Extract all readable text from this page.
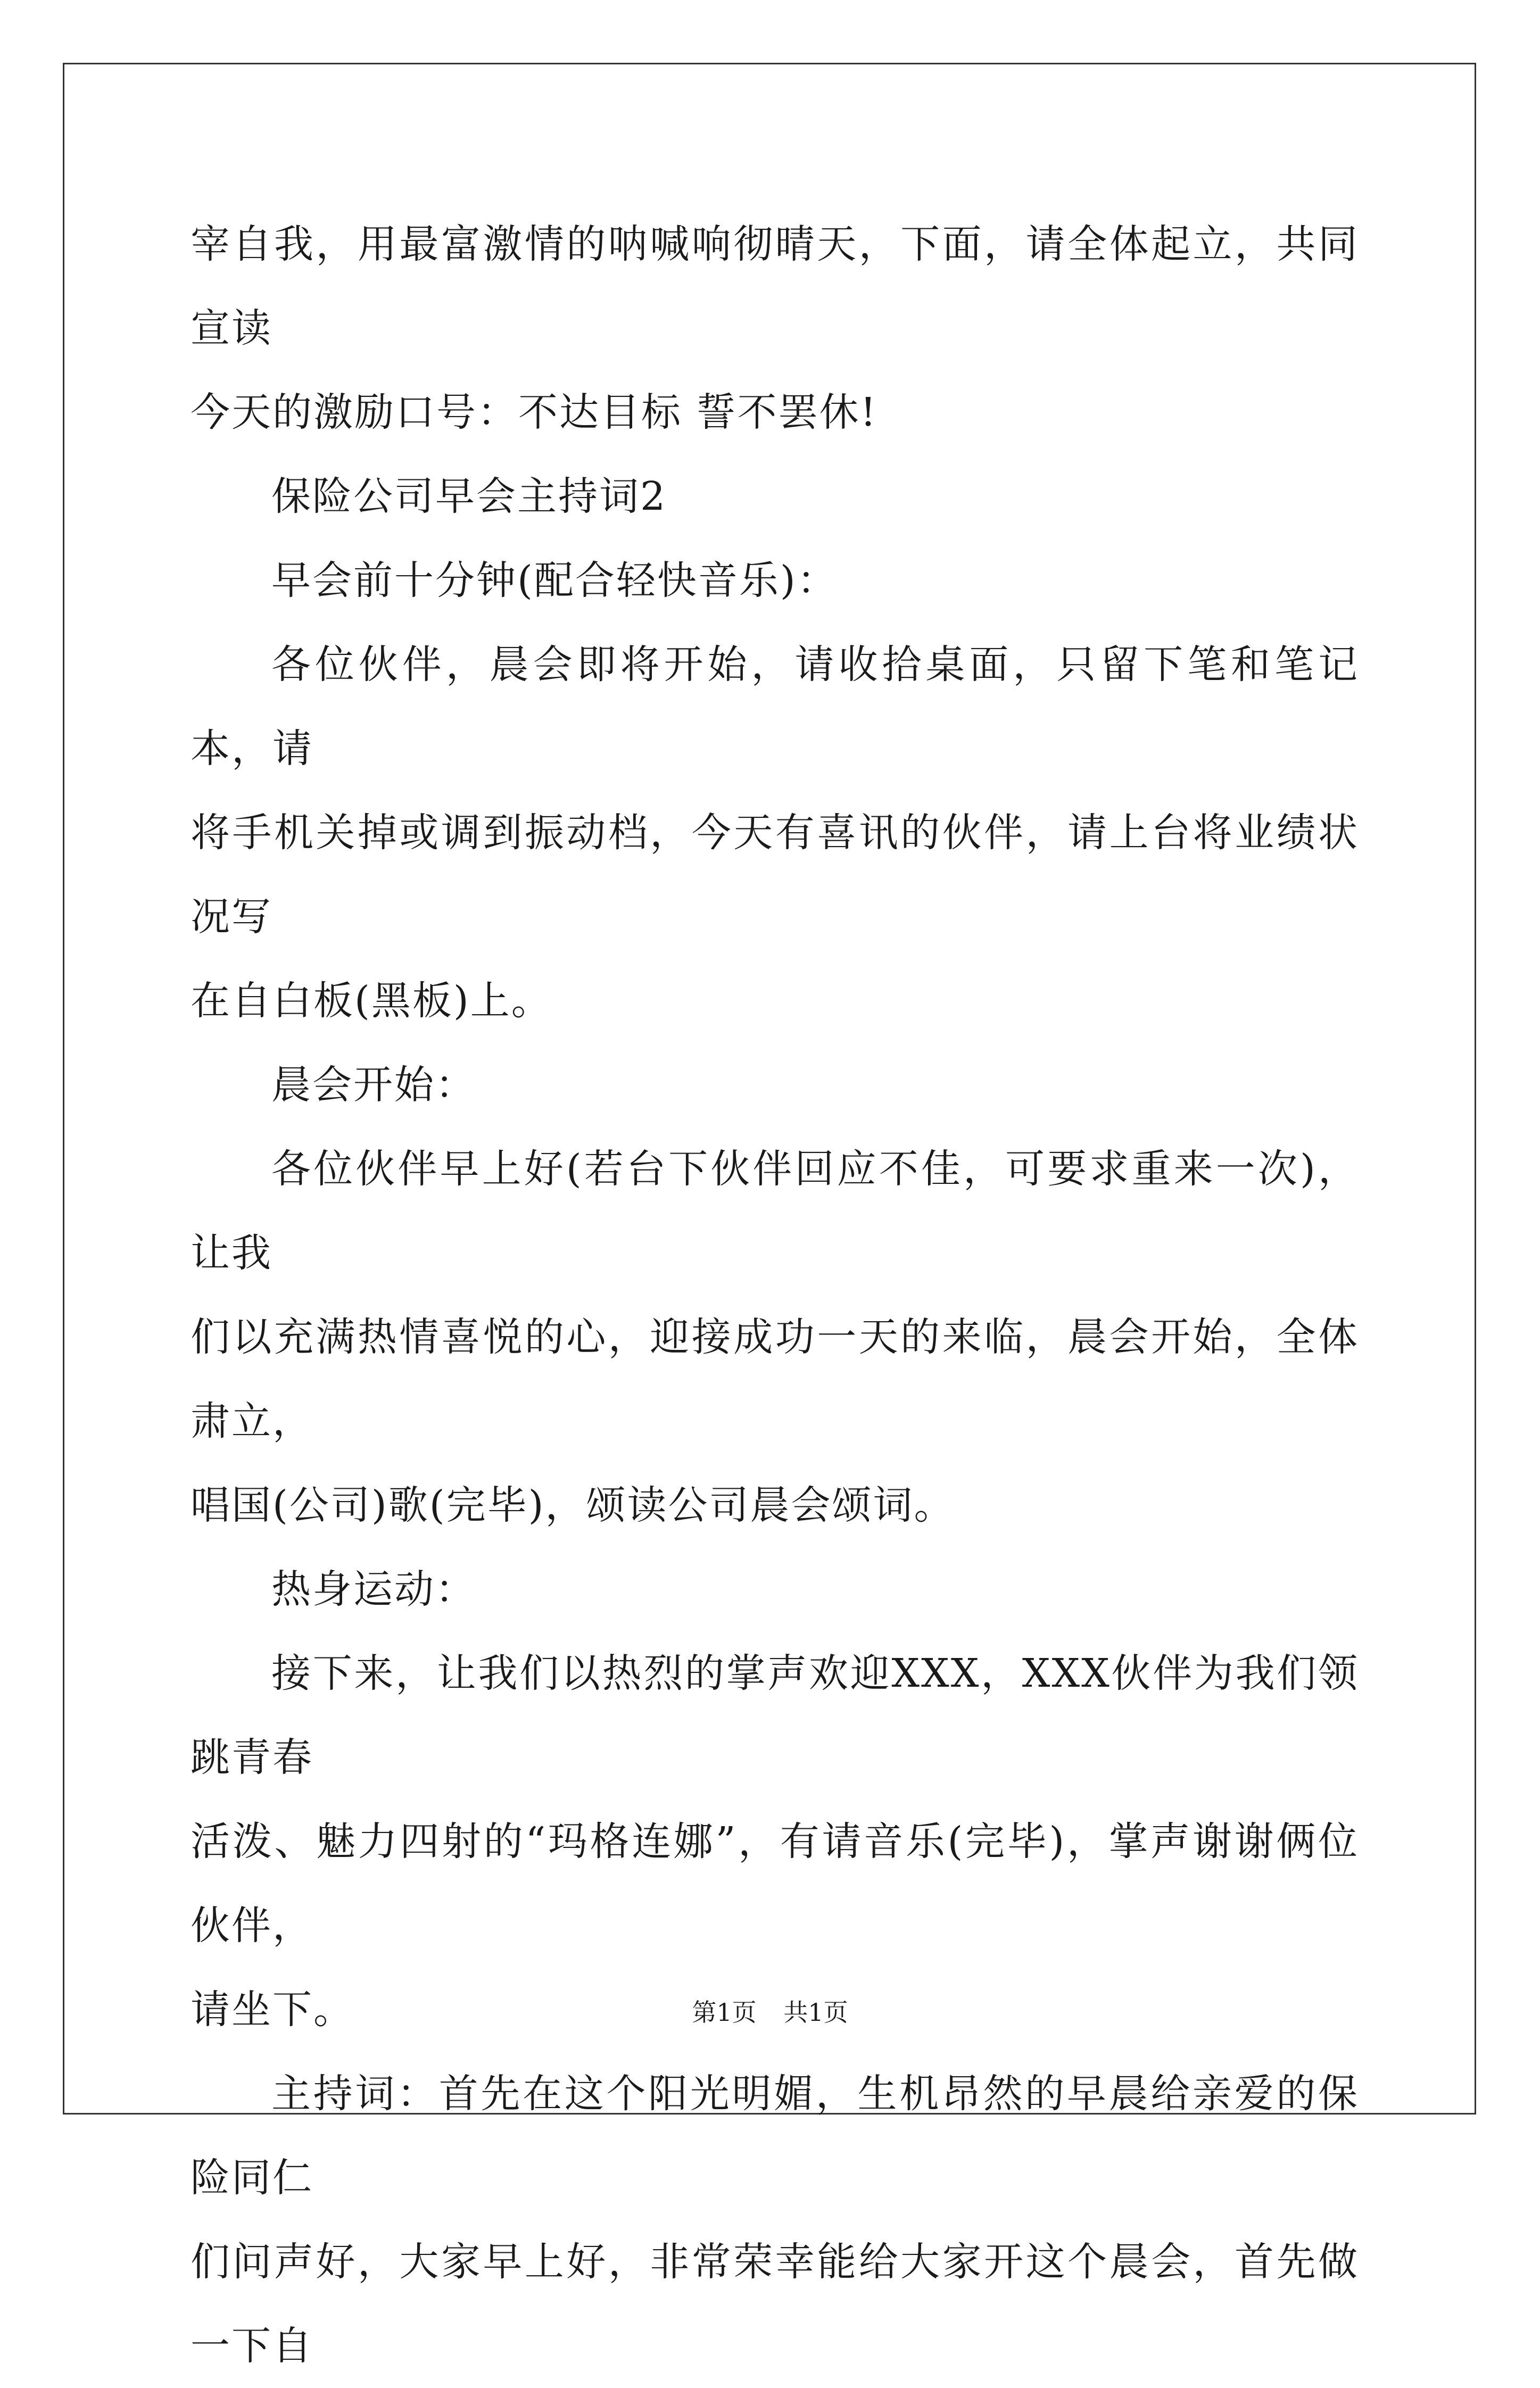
宰自我，用最富激情的呐喊响彻晴天，下面，请全体起立，共同宣读

今天的激励口号：不达目标 誓不罢休!

保险公司早会主持词2

早会前十分钟(配合轻快音乐)：

各位伙伴，晨会即将开始，请收拾桌面，只留下笔和笔记本，请

将手机关掉或调到振动档，今天有喜讯的伙伴，请上台将业绩状况写

在自白板(黑板)上。

晨会开始：

各位伙伴早上好(若台下伙伴回应不佳，可要求重来一次)，让我

们以充满热情喜悦的心，迎接成功一天的来临，晨会开始，全体肃立，

唱国(公司)歌(完毕)，颂读公司晨会颂词。

热身运动：

接下来，让我们以热烈的掌声欢迎XXX，XXX伙伴为我们领跳青春

活泼、魅力四射的“玛格连娜”，有请音乐(完毕)，掌声谢谢俩位伙伴，

请坐下。

主持词：首先在这个阳光明媚，生机昂然的早晨给亲爱的保险同仁

们问声好，大家早上好，非常荣幸能给大家开这个晨会，首先做一下自

第1页 共1页
